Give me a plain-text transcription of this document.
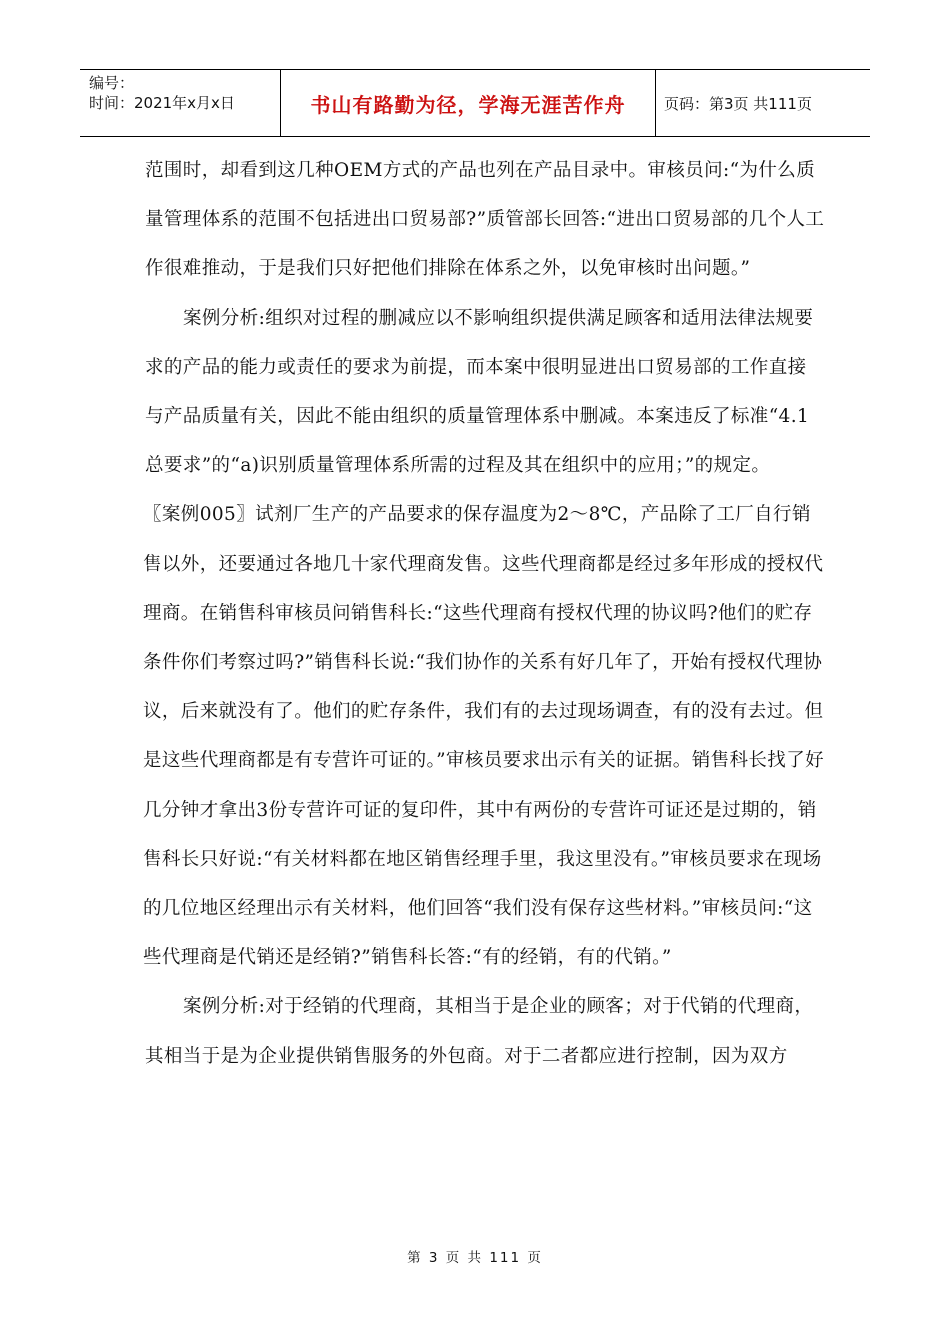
编号：
时间：2021年x月x日	书山有路勤为径，学海无涯苦作舟	页码：第3页 共111页

范围时，却看到这几种OEM方式的产品也列在产品目录中。审核员问:“为什么质量管理体系的范围不包括进出口贸易部?”质管部长回答:“进出口贸易部的几个人工作很难推动，于是我们只好把他们排除在体系之外，以免审核时出问题。”

案例分析:组织对过程的删减应以不影响组织提供满足顾客和适用法律法规要求的产品的能力或责任的要求为前提，而本案中很明显进出口贸易部的工作直接与产品质量有关，因此不能由组织的质量管理体系中删减。本案违反了标准“4.1总要求”的“a)识别质量管理体系所需的过程及其在组织中的应用；”的规定。

〖案例005〗试剂厂生产的产品要求的保存温度为2～8℃，产品除了工厂自行销售以外，还要通过各地几十家代理商发售。这些代理商都是经过多年形成的授权代理商。在销售科审核员问销售科长:“这些代理商有授权代理的协议吗?他们的贮存条件你们考察过吗?”销售科长说:“我们协作的关系有好几年了，开始有授权代理协议，后来就没有了。他们的贮存条件，我们有的去过现场调查，有的没有去过。但是这些代理商都是有专营许可证的。”审核员要求出示有关的证据。销售科长找了好几分钟才拿出3份专营许可证的复印件，其中有两份的专营许可证还是过期的，销售科长只好说:“有关材料都在地区销售经理手里，我这里没有。”审核员要求在现场的几位地区经理出示有关材料，他们回答“我们没有保存这些材料。”审核员问:“这些代理商是代销还是经销?”销售科长答:“有的经销，有的代销。”

案例分析:对于经销的代理商，其相当于是企业的顾客；对于代销的代理商，其相当于是为企业提供销售服务的外包商。对于二者都应进行控制，因为双方

第 3 页 共 111 页
